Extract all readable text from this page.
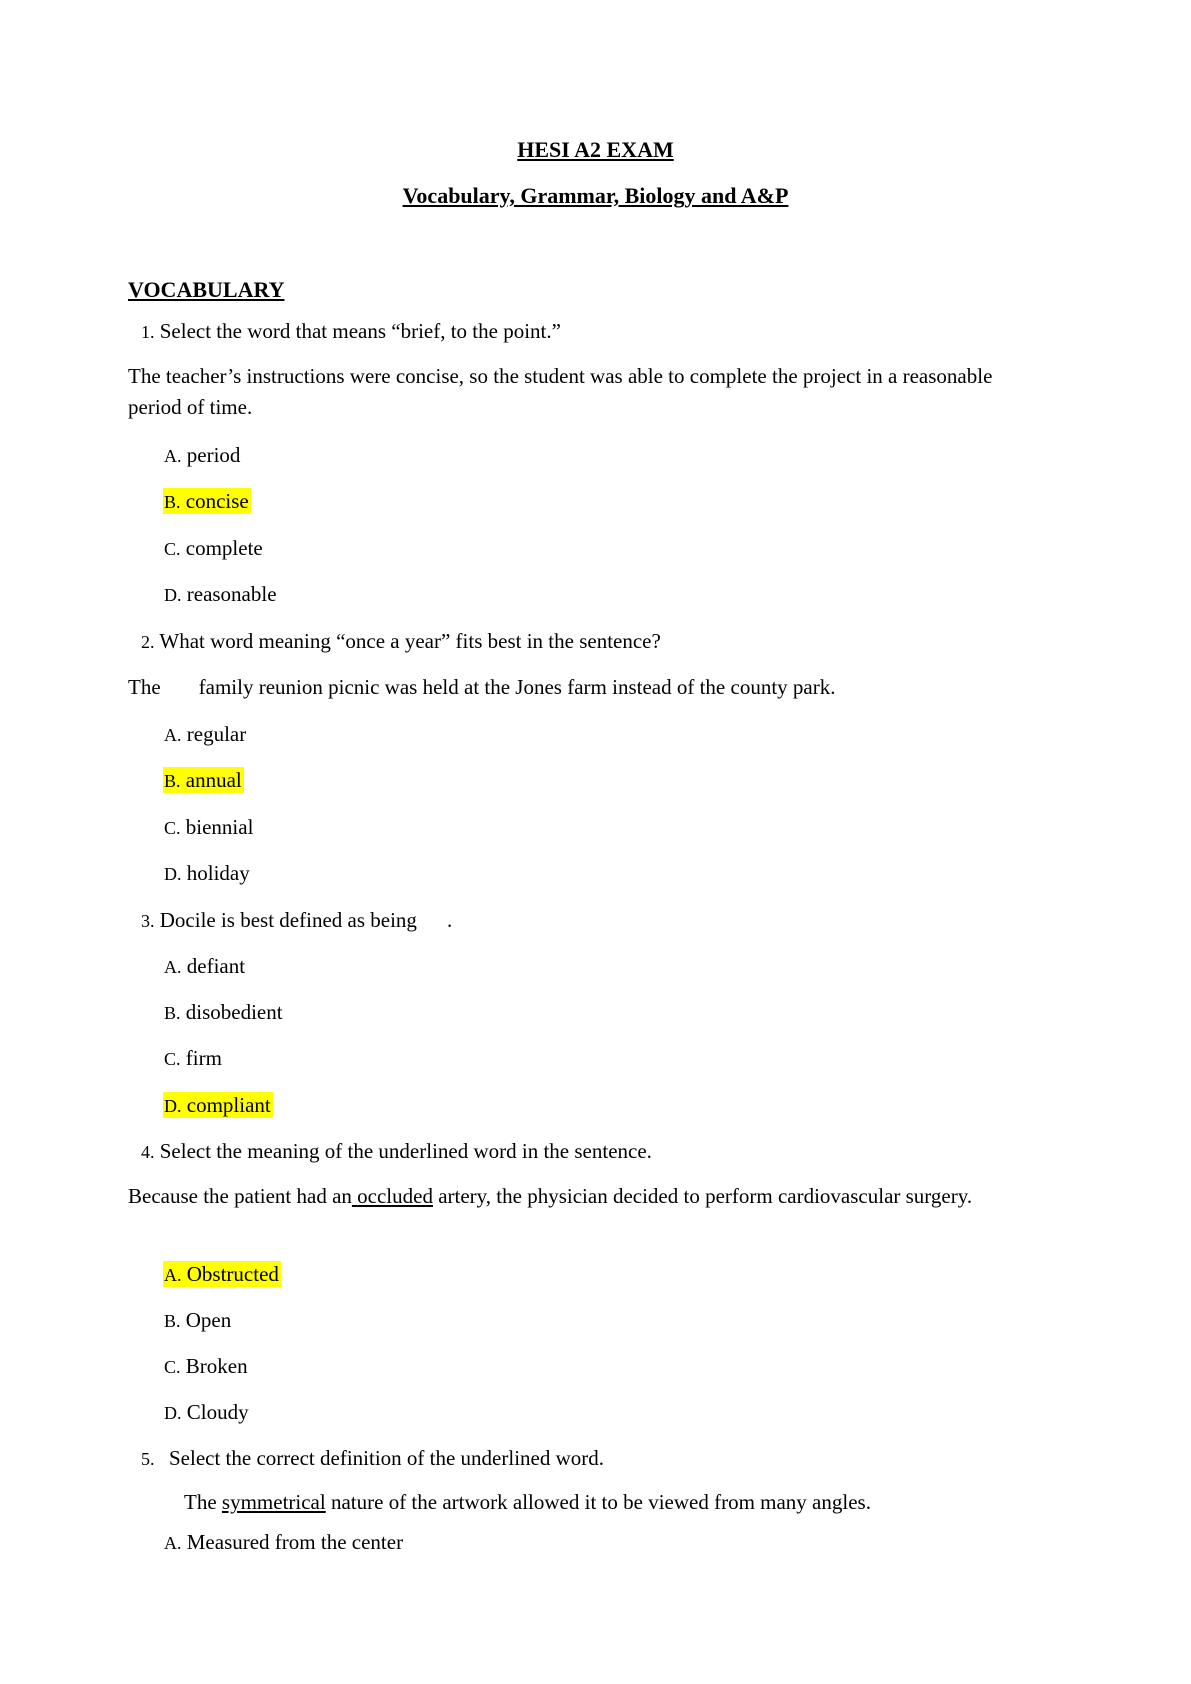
HESI A2 EXAM
Vocabulary, Grammar, Biology and A&P
VOCABULARY
1. Select the word that means “brief, to the point.”
The teacher’s instructions were concise, so the student was able to complete the project in a reasonable period of time.
A. period
B. concise
C. complete
D. reasonable
2. What word meaning “once a year” fits best in the sentence?
The family reunion picnic was held at the Jones farm instead of the county park.
A. regular
B. annual
C. biennial
D. holiday
3. Docile is best defined as being .
A. defiant
B. disobedient
C. firm
D. compliant
4. Select the meaning of the underlined word in the sentence.
Because the patient had an occluded artery, the physician decided to perform cardiovascular surgery.
A. Obstructed
B. Open
C. Broken
D. Cloudy
5. Select the correct definition of the underlined word.
The symmetrical nature of the artwork allowed it to be viewed from many angles.
A. Measured from the center
